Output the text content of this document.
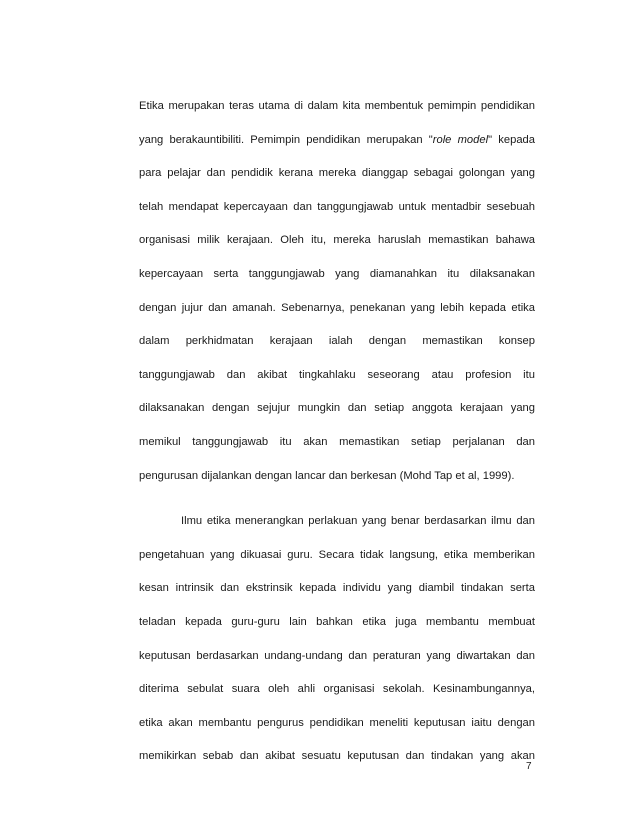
Etika merupakan teras utama di dalam kita membentuk pemimpin pendidikan
yang berakauntibiliti. Pemimpin pendidikan merupakan "role model" kepada
para pelajar dan pendidik kerana mereka dianggap sebagai golongan yang
telah mendapat kepercayaan dan tanggungjawab untuk mentadbir sesebuah
organisasi milik kerajaan. Oleh itu, mereka haruslah memastikan bahawa
kepercayaan serta tanggungjawab yang diamanahkan itu dilaksanakan
dengan jujur dan amanah. Sebenarnya, penekanan yang lebih kepada etika
dalam perkhidmatan kerajaan ialah dengan memastikan konsep
tanggungjawab dan akibat tingkahlaku seseorang atau profesion itu
dilaksanakan dengan sejujur mungkin dan setiap anggota kerajaan yang
memikul tanggungjawab itu akan memastikan setiap perjalanan dan
pengurusan dijalankan dengan lancar dan berkesan (Mohd Tap et al, 1999).
Ilmu etika menerangkan perlakuan yang benar berdasarkan ilmu dan
pengetahuan yang dikuasai guru. Secara tidak langsung, etika memberikan
kesan intrinsik dan ekstrinsik kepada individu yang diambil tindakan serta
teladan kepada guru-guru lain bahkan etika juga membantu membuat
keputusan berdasarkan undang-undang dan peraturan yang diwartakan dan
diterima sebulat suara oleh ahli organisasi sekolah. Kesinambungannya,
etika akan membantu pengurus pendidikan meneliti keputusan iaitu dengan
memikirkan sebab dan akibat sesuatu keputusan dan tindakan yang akan
7
